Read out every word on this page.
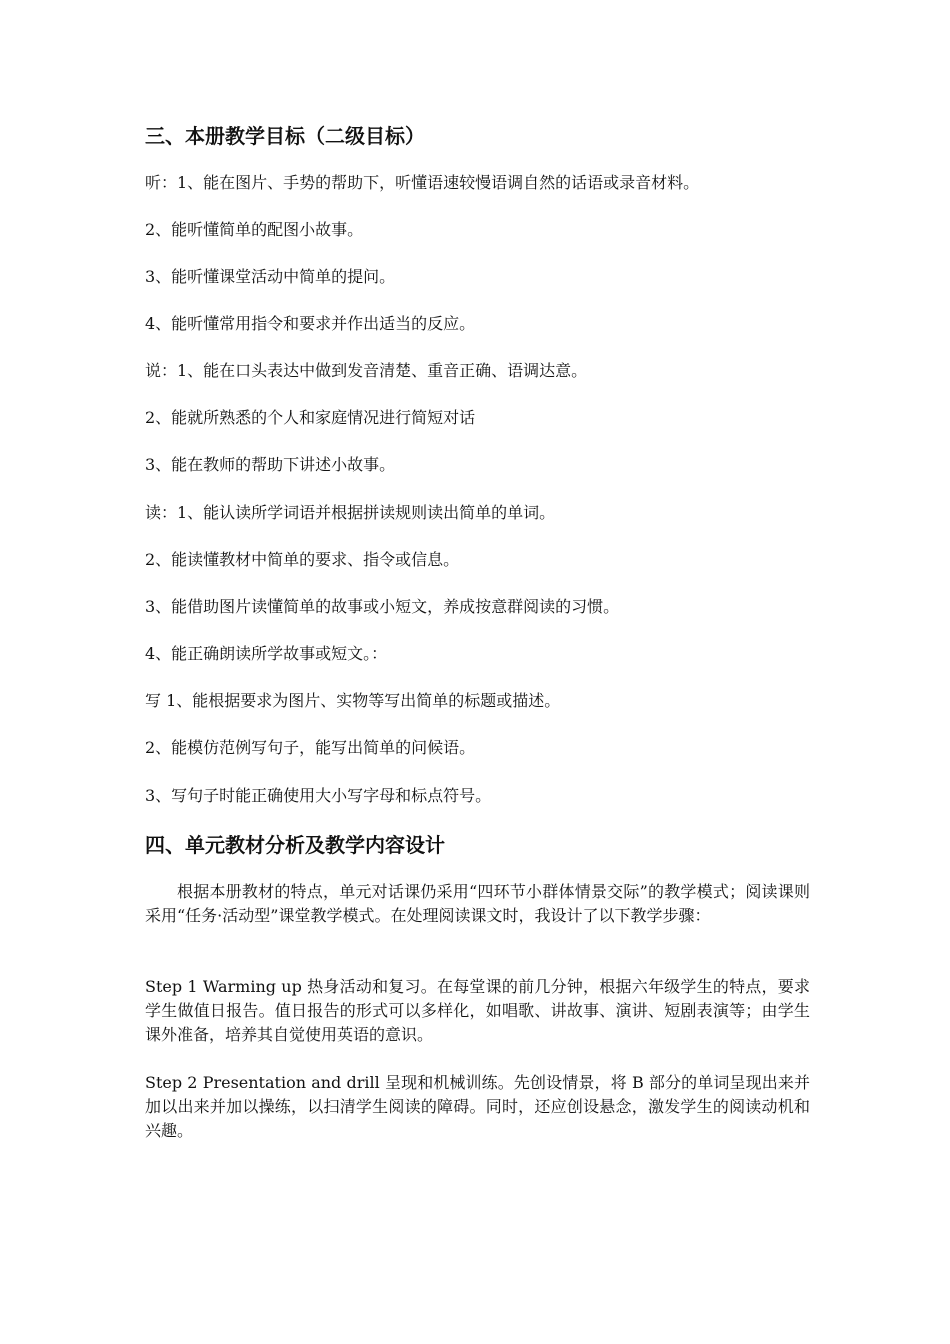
三、本册教学目标（二级目标）

听：1、能在图片、手势的帮助下，听懂语速较慢语调自然的话语或录音材料。

2、能听懂简单的配图小故事。

3、能听懂课堂活动中简单的提问。

4、能听懂常用指令和要求并作出适当的反应。

说：1、能在口头表达中做到发音清楚、重音正确、语调达意。

2、能就所熟悉的个人和家庭情况进行简短对话

3、能在教师的帮助下讲述小故事。

读：1、能认读所学词语并根据拼读规则读出简单的单词。

2、能读懂教材中简单的要求、指令或信息。

3、能借助图片读懂简单的故事或小短文，养成按意群阅读的习惯。

4、能正确朗读所学故事或短文。：

写 1、能根据要求为图片、实物等写出简单的标题或描述。

2、能模仿范例写句子，能写出简单的问候语。

3、写句子时能正确使用大小写字母和标点符号。

四、单元教材分析及教学内容设计

根据本册教材的特点，单元对话课仍采用“四环节小群体情景交际”的教学模式；阅读课则采用“任务·活动型”课堂教学模式。在处理阅读课文时，我设计了以下教学步骤：

Step 1 Warming up 热身活动和复习。在每堂课的前几分钟，根据六年级学生的特点，要求学生做值日报告。值日报告的形式可以多样化，如唱歌、讲故事、演讲、短剧表演等；由学生课外准备，培养其自觉使用英语的意识。

Step 2 Presentation and drill 呈现和机械训练。先创设情景，将 B 部分的单词呈现出来并加以出来并加以操练，以扫清学生阅读的障碍。同时，还应创设悬念，激发学生的阅读动机和兴趣。
